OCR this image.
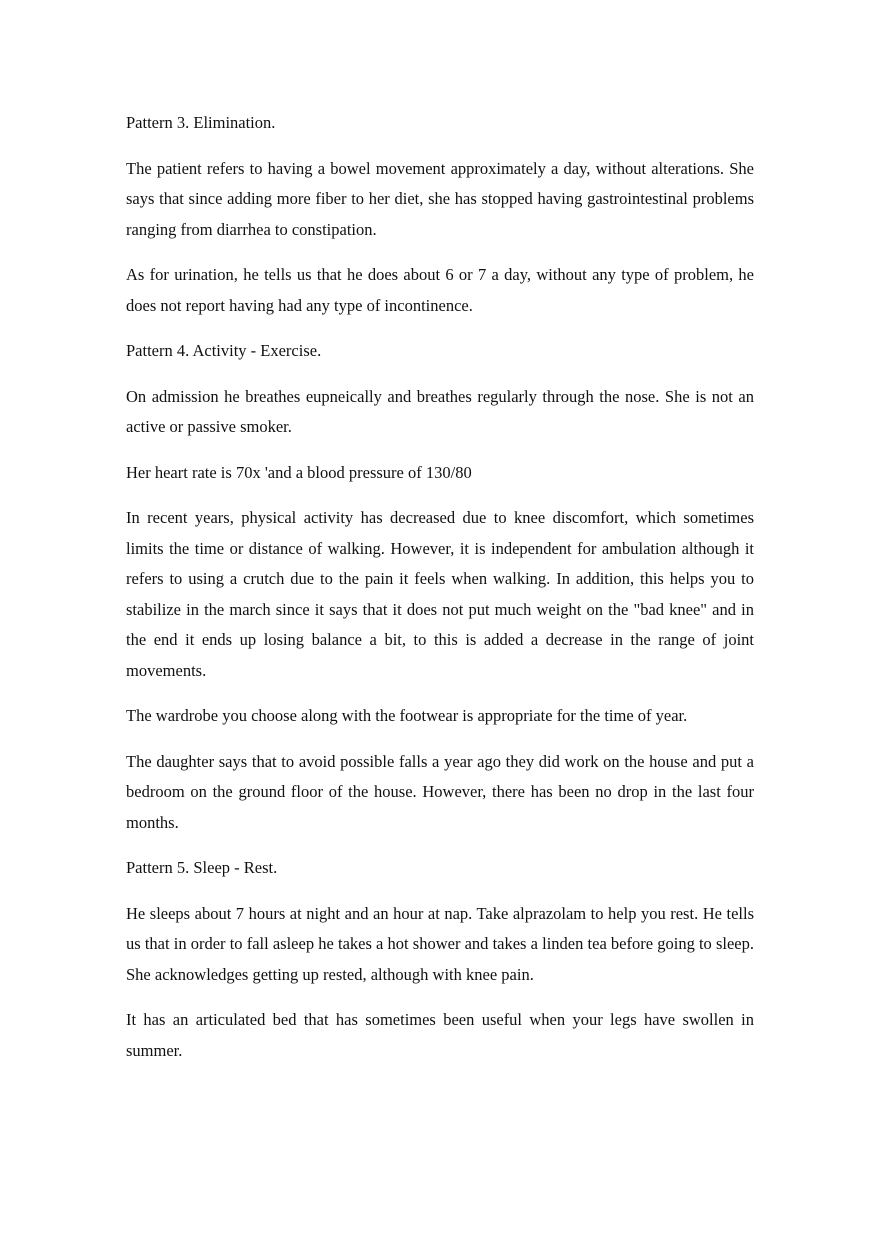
Pattern 3. Elimination.

The patient refers to having a bowel movement approximately a day, without alterations. She says that since adding more fiber to her diet, she has stopped having gastrointestinal problems ranging from diarrhea to constipation.

As for urination, he tells us that he does about 6 or 7 a day, without any type of problem, he does not report having had any type of incontinence.

Pattern 4. Activity - Exercise.

On admission he breathes eupneically and breathes regularly through the nose. She is not an active or passive smoker.

Her heart rate is 70x 'and a blood pressure of 130/80

In recent years, physical activity has decreased due to knee discomfort, which sometimes limits the time or distance of walking. However, it is independent for ambulation although it refers to using a crutch due to the pain it feels when walking. In addition, this helps you to stabilize in the march since it says that it does not put much weight on the "bad knee" and in the end it ends up losing balance a bit, to this is added a decrease in the range of joint movements.

The wardrobe you choose along with the footwear is appropriate for the time of year.

The daughter says that to avoid possible falls a year ago they did work on the house and put a bedroom on the ground floor of the house. However, there has been no drop in the last four months.

Pattern 5. Sleep - Rest.

He sleeps about 7 hours at night and an hour at nap. Take alprazolam to help you rest. He tells us that in order to fall asleep he takes a hot shower and takes a linden tea before going to sleep. She acknowledges getting up rested, although with knee pain.

It has an articulated bed that has sometimes been useful when your legs have swollen in summer.
